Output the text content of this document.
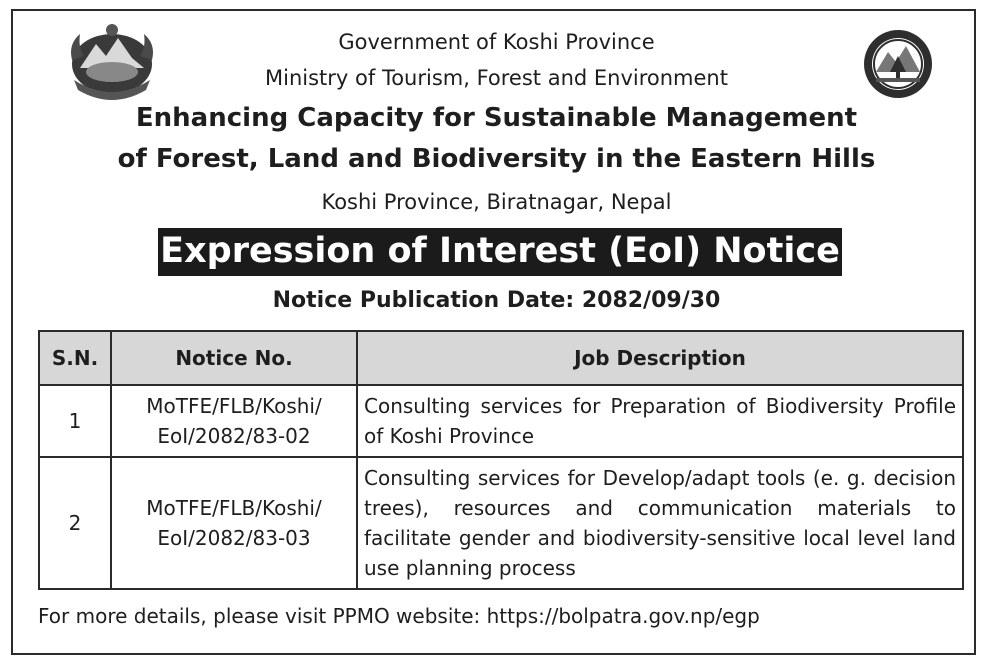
Government of Koshi Province
Ministry of Tourism, Forest and Environment
Enhancing Capacity for Sustainable Management
of Forest, Land and Biodiversity in the Eastern Hills
Koshi Province, Biratnagar, Nepal
Expression of Interest (EoI) Notice
Notice Publication Date: 2082/09/30
S.N.	Notice No.	Job Description
1	MoTFE/FLB/Koshi/ EoI/2082/83-02	Consulting services for Preparation of Biodiversity Profile of Koshi Province
2	MoTFE/FLB/Koshi/ EoI/2082/83-03	Consulting services for Develop/adapt tools (e. g. decision trees), resources and communication materials to facilitate gender and biodiversity-sensitive local level land use planning process
For more details, please visit PPMO website: https://bolpatra.gov.np/egp
